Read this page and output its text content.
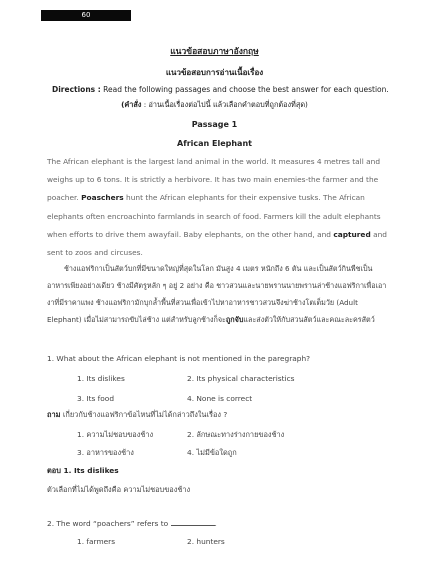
60
แนวข้อสอบภาษาอังกฤษ
แนวข้อสอบการอ่านเนื้อเรื่อง
Directions : Read the following passages and choose the best answer for each question.
(คำสั่ง : อ่านเนื้อเรื่องต่อไปนี้ แล้วเลือกคำตอบที่ถูกต้องที่สุด)
Passage 1
African Elephant
The African elephant is the largest land animal in the world. It measures 4 metres tall and weighs up to 6 tons. It is strictly a herbivore. It has two main enemies-the farmer and the poacher. Poaschers hunt the African elephants for their expensive tusks. The African elephants often encroachinto farmlands in search of food. Farmers kill the adult elephants when efforts to drive them awayfail. Baby elephants, on the other hand, and captured and sent to zoos and circuses.
ช้างแอฟริกาเป็นสัตว์บกที่มีขนาดใหญ่ที่สุดในโลก มันสูง 4 เมตร หนักถึง 6 ตัน และเป็นสัตว์กินพืชเป็นอาหารเพียงอย่างเดียว ช้างมีศัตรูหลัก ๆ อยู่ 2 อย่าง คือ ชาวสวนและนายพรานนายพรานล่าช้างแอฟริกาเพื่อเอางาที่มีราคาแพง ช้างแอฟริกามักบุกล้ำพื้นที่สวนเพื่อเข้าไปหาอาหารชาวสวนจึงฆ่าช้างโตเต็มวัย (Adult Elephant) เมื่อไม่สามารถขับไล่ช้าง แต่สำหรับลูกช้างก็จะถูกจับและส่งตัวให้กับสวนสัตว์และคณะละครสัตว์
1. What about the African elephant is not mentioned in the paregraph?
1. Its dislikes	2. Its physical characteristics
3. Its food	4. None is correct
ถาม เกี่ยวกับช้างแอฟริกาข้อไหนที่ไม่ได้กล่าวถึงในเรื่อง ?
1. ความไม่ชอบของช้าง	2. ลักษณะทางร่างกายของช้าง
3. อาหารของช้าง	4. ไม่มีข้อใดถูก
ตอบ 1. Its dislikes
ตัวเลือกที่ไม่ได้พูดถึงคือ ความไม่ชอบของช้าง
2. The word “poachers” refers to	.
1. farmers	2. hunters
